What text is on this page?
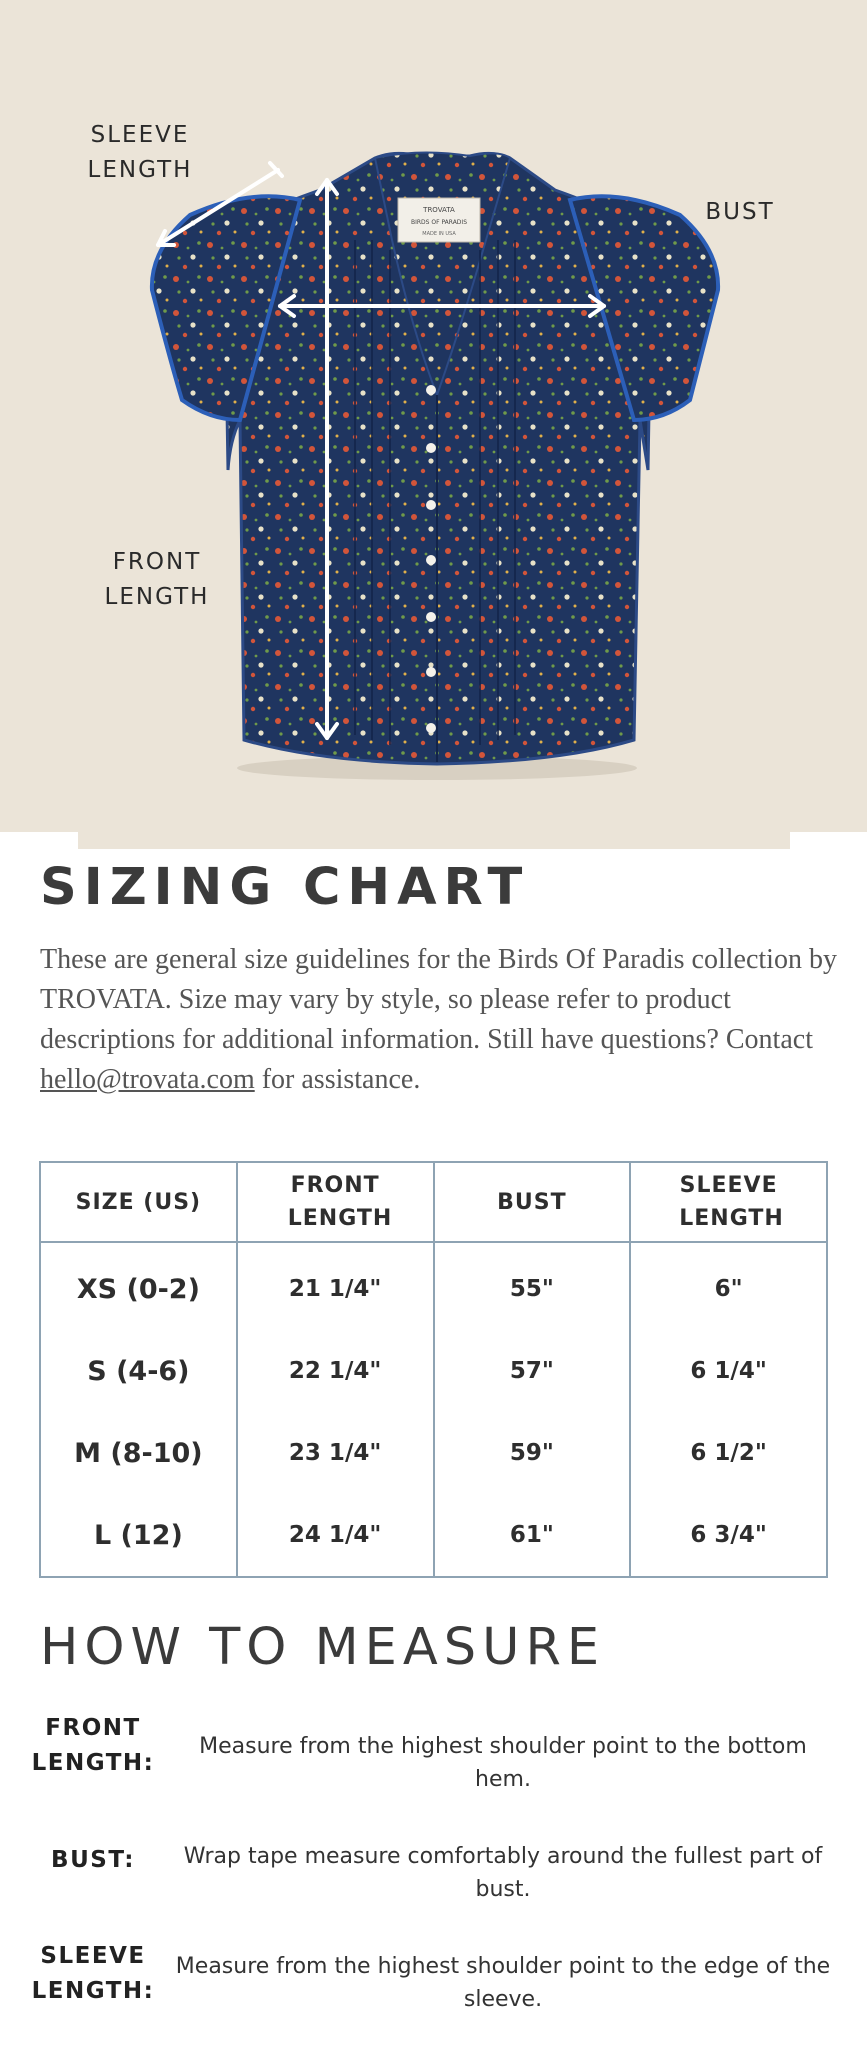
TROVATA
BIRDS OF PARADIS
MADE IN USA
SLEEVE LENGTH
BUST
FRONT LENGTH
SIZING CHART

These are general size guidelines for the Birds Of Paradis collection by TROVATA. Size may vary by style, so please refer to product descriptions for additional information. Still have questions? Contact hello@trovata.com for assistance.

SIZE (US)	FRONT LENGTH	BUST	SLEEVE LENGTH
XS (0-2)	21 1/4"	55"	6"
S (4-6)	22 1/4"	57"	6 1/4"
M (8-10)	23 1/4"	59"	6 1/2"
L (12)	24 1/4"	61"	6 3/4"
HOW TO MEASURE
FRONT LENGTH:
Measure from the highest shoulder point to the bottom hem.
BUST:	Wrap tape measure comfortably around the fullest part of bust.
SLEEVE LENGTH:
Measure from the highest shoulder point to the edge of the sleeve.
